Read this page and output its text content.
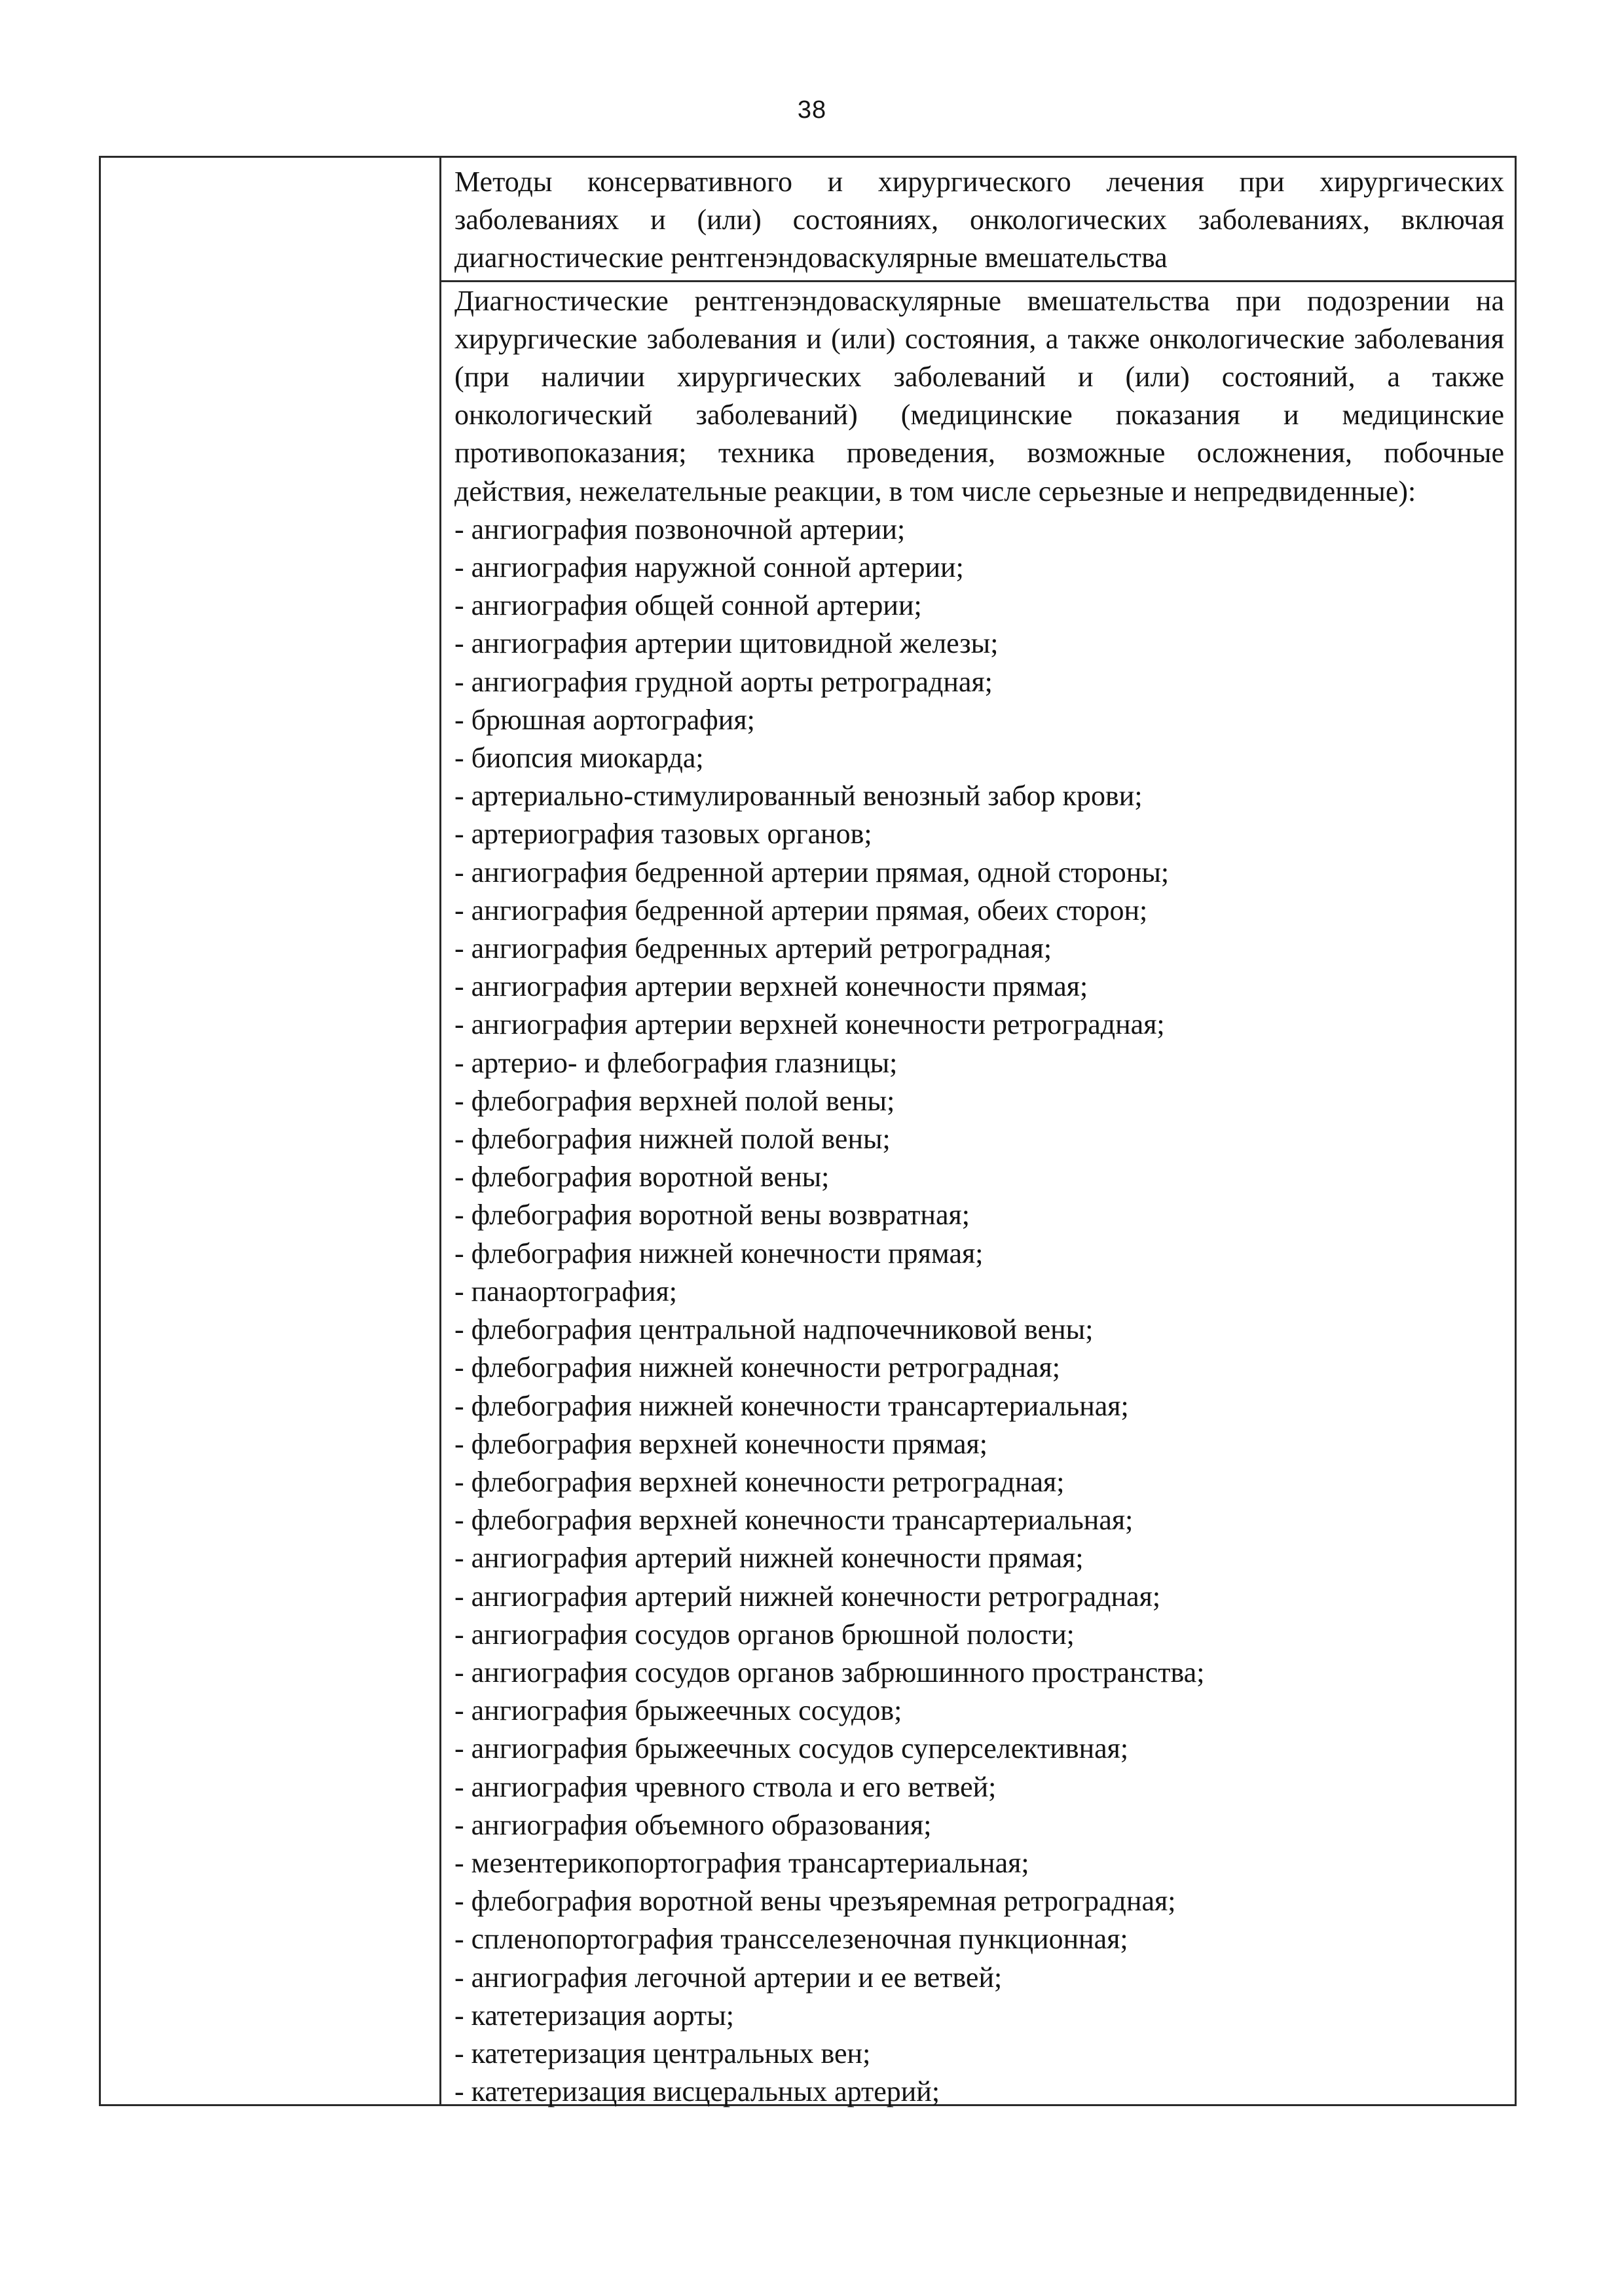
38

Методы консервативного и хирургического лечения при хирургических заболеваниях и (или) состояниях, онкологических заболеваниях, включая диагностические рентгенэндоваскулярные вмешательства

Диагностические рентгенэндоваскулярные вмешательства при подозрении на хирургические заболевания и (или) состояния, а также онкологические заболевания (при наличии хирургических заболеваний и (или) состояний, а также онкологический заболеваний) (медицинские показания и медицинские противопоказания; техника проведения, возможные осложнения, побочные действия, нежелательные реакции, в том числе серьезные и непредвиденные):

- ангиография позвоночной артерии;
- ангиография наружной сонной артерии;
- ангиография общей сонной артерии;
- ангиография артерии щитовидной железы;
- ангиография грудной аорты ретроградная;
- брюшная аортография;
- биопсия миокарда;
- артериально-стимулированный венозный забор крови;
- артериография тазовых органов;
- ангиография бедренной артерии прямая, одной стороны;
- ангиография бедренной артерии прямая, обеих сторон;
- ангиография бедренных артерий ретроградная;
- ангиография артерии верхней конечности прямая;
- ангиография артерии верхней конечности ретроградная;
- артерио- и флебография глазницы;
- флебография верхней полой вены;
- флебография нижней полой вены;
- флебография воротной вены;
- флебография воротной вены возвратная;
- флебография нижней конечности прямая;
- панаортография;
- флебография центральной надпочечниковой вены;
- флебография нижней конечности ретроградная;
- флебография нижней конечности трансартериальная;
- флебография верхней конечности прямая;
- флебография верхней конечности ретроградная;
- флебография верхней конечности трансартериальная;
- ангиография артерий нижней конечности прямая;
- ангиография артерий нижней конечности ретроградная;
- ангиография сосудов органов брюшной полости;
- ангиография сосудов органов забрюшинного пространства;
- ангиография брыжеечных сосудов;
- ангиография брыжеечных сосудов суперселективная;
- ангиография чревного ствола и его ветвей;
- ангиография объемного образования;
- мезентерикопортография трансартериальная;
- флебография воротной вены чрезъяремная ретроградная;
- спленопортография трансселезеночная пункционная;
- ангиография легочной артерии и ее ветвей;
- катетеризация аорты;
- катетеризация центральных вен;
- катетеризация висцеральных артерий;
